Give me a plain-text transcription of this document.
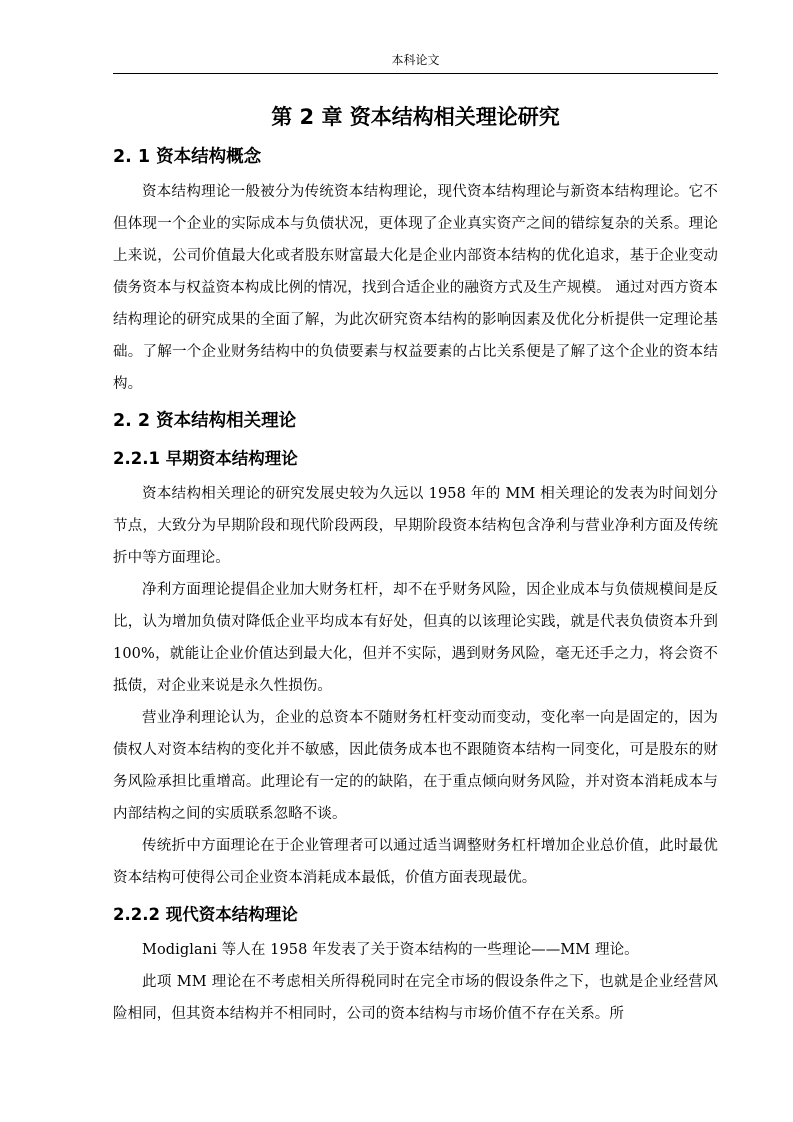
本科论文
第 2 章 资本结构相关理论研究
2. 1 资本结构概念

资本结构理论一般被分为传统资本结构理论，现代资本结构理论与新资本结构理论。它不但体现一个企业的实际成本与负债状况，更体现了企业真实资产之间的错综复杂的关系。理论上来说，公司价值最大化或者股东财富最大化是企业内部资本结构的优化追求，基于企业变动债务资本与权益资本构成比例的情况，找到合适企业的融资方式及生产规模。 通过对西方资本结构理论的研究成果的全面了解，为此次研究资本结构的影响因素及优化分析提供一定理论基础。了解一个企业财务结构中的负债要素与权益要素的占比关系便是了解了这个企业的资本结构。

2. 2 资本结构相关理论
2.2.1 早期资本结构理论

资本结构相关理论的研究发展史较为久远以 1958 年的 MM 相关理论的发表为时间划分节点，大致分为早期阶段和现代阶段两段，早期阶段资本结构包含净利与营业净利方面及传统折中等方面理论。

净利方面理论提倡企业加大财务杠杆，却不在乎财务风险，因企业成本与负债规模间是反比，认为增加负债对降低企业平均成本有好处，但真的以该理论实践，就是代表负债资本升到 100%，就能让企业价值达到最大化，但并不实际，遇到财务风险，毫无还手之力，将会资不抵债，对企业来说是永久性损伤。

营业净利理论认为，企业的总资本不随财务杠杆变动而变动，变化率一向是固定的，因为债权人对资本结构的变化并不敏感，因此债务成本也不跟随资本结构一同变化，可是股东的财务风险承担比重增高。此理论有一定的的缺陷，在于重点倾向财务风险，并对资本消耗成本与内部结构之间的实质联系忽略不谈。

传统折中方面理论在于企业管理者可以通过适当调整财务杠杆增加企业总价值，此时最优资本结构可使得公司企业资本消耗成本最低，价值方面表现最优。

2.2.2 现代资本结构理论

Modiglani 等人在 1958 年发表了关于资本结构的一些理论——MM 理论。

此项 MM 理论在不考虑相关所得税同时在完全市场的假设条件之下，也就是企业经营风险相同，但其资本结构并不相同时，公司的资本结构与市场价值不存在关系。所
